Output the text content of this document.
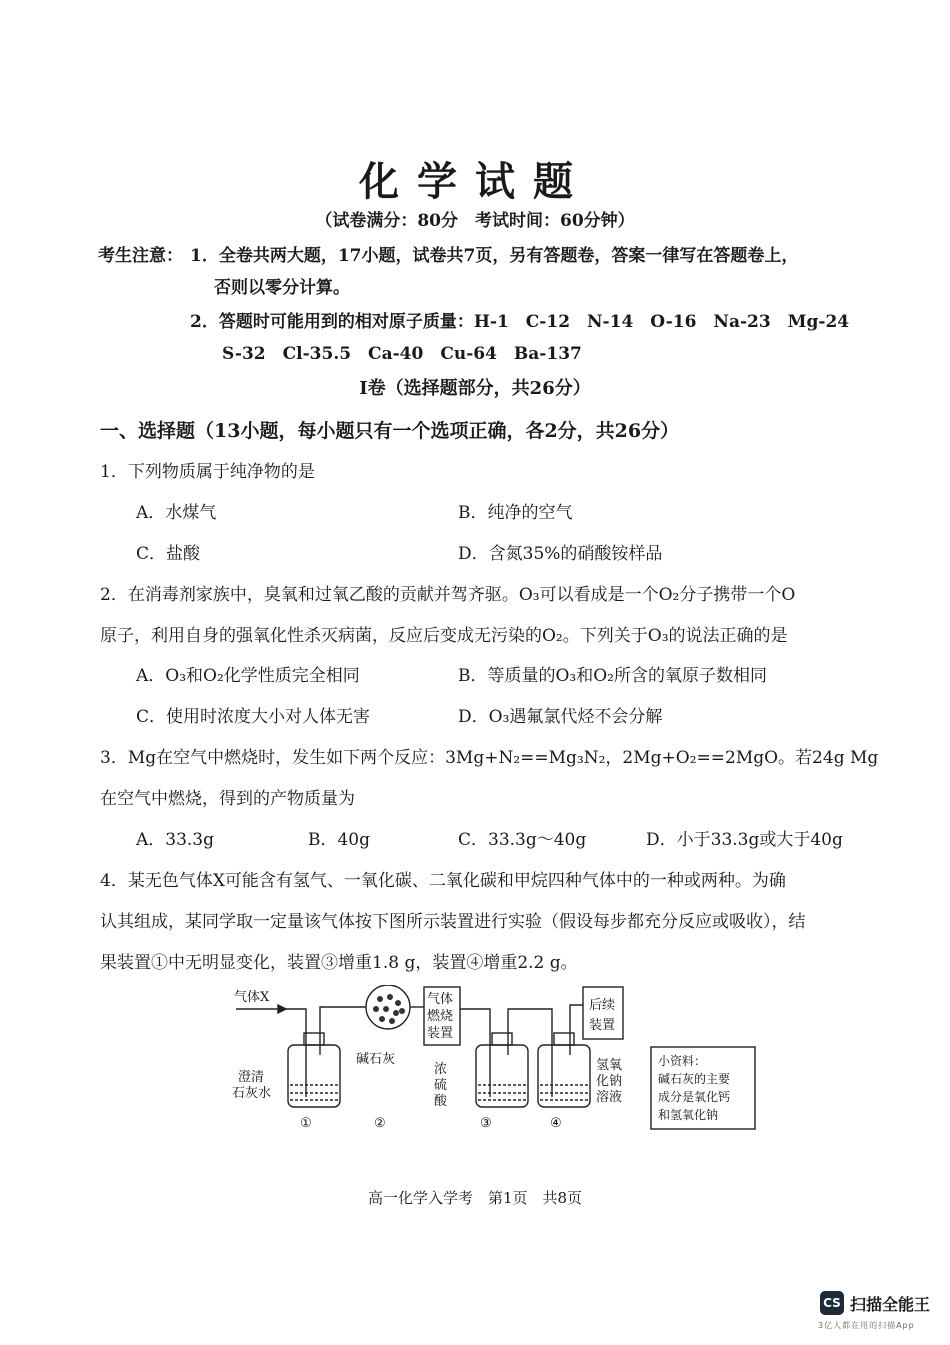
化学试题
（试卷满分：80分　考试时间：60分钟）
考生注意： 1．全卷共两大题，17小题，试卷共7页，另有答题卷，答案一律写在答题卷上，
否则以零分计算。
2．答题时可能用到的相对原子质量：H-1　C-12　N-14　O-16　Na-23　Mg-24
S-32　Cl-35.5　Ca-40　Cu-64　Ba-137
I卷（选择题部分，共26分）
一、选择题（13小题，每小题只有一个选项正确，各2分，共26分）
1．下列物质属于纯净物的是
A．水煤气	B．纯净的空气
C．盐酸	D．含氮35%的硝酸铵样品
2．在消毒剂家族中，臭氧和过氧乙酸的贡献并驾齐驱。O₃可以看成是一个O₂分子携带一个O
原子，利用自身的强氧化性杀灭病菌，反应后变成无污染的O₂。下列关于O₃的说法正确的是
A．O₃和O₂化学性质完全相同	B．等质量的O₃和O₂所含的氧原子数相同
C．使用时浓度大小对人体无害	D．O₃遇氟氯代烃不会分解
3．Mg在空气中燃烧时，发生如下两个反应：3Mg+N₂==Mg₃N₂，2Mg+O₂==2MgO。若24g Mg
在空气中燃烧，得到的产物质量为
A．33.3g	B．40g	C．33.3g～40g	D．小于33.3g或大于40g
4．某无色气体X可能含有氢气、一氧化碳、二氧化碳和甲烷四种气体中的一种或两种。为确
认其组成，某同学取一定量该气体按下图所示装置进行实验（假设每步都充分反应或吸收），结
果装置①中无明显变化，装置③增重1.8 g，装置④增重2.2 g。
气体X
澄清
石灰水
碱石灰
气体
燃烧
装置
浓
硫
酸
后续
装置
氢氧
化钠
溶液
①	②	③	④
小资料：
碱石灰的主要
成分是氧化钙
和氢氧化钠
高一化学入学考　第1页　共8页
CS 扫描全能王
3亿人都在用的扫描App
